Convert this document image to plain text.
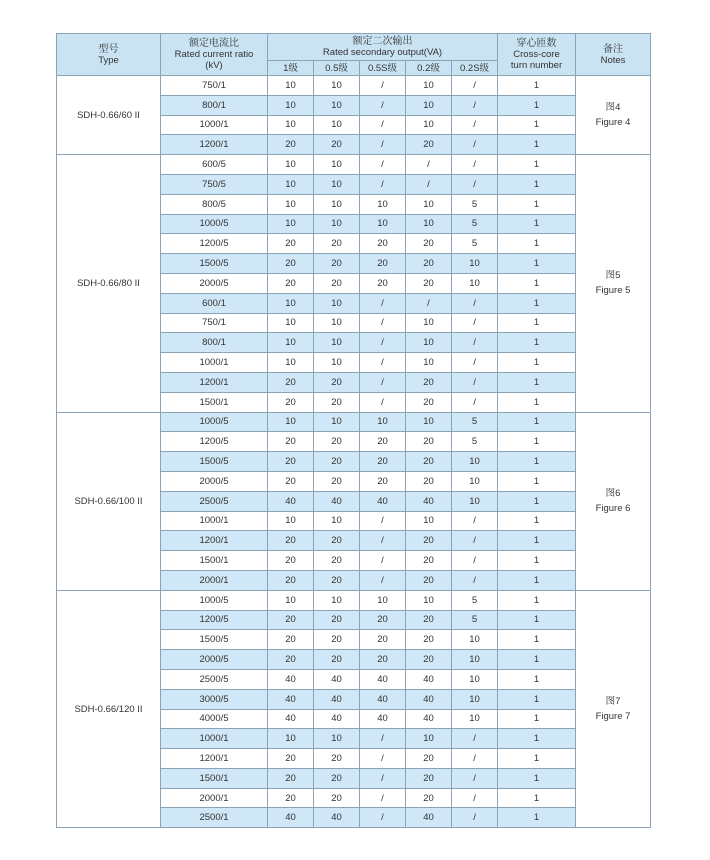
型号
Type	额定电流比
Rated current ratio
(kV)	额定二次输出
Rated secondary output(VA)					穿心匝数
Cross-core
turn number	备注
Notes
		1级	0.5级	0.5S级	0.2级	0.2S级		
SDH-0.66/60 II	750/1	10	10	/	10	/	1	图4
Figure 4

	800/1	10	10	/	10	/	1	
	1000/1	10	10	/	10	/	1	
	1200/1	20	20	/	20	/	1	
SDH-0.66/80 II	600/5	10	10	/	/	/	1	图5
Figure 5

	750/5	10	10	/	/	/	1	
	800/5	10	10	10	10	5	1	
	1000/5	10	10	10	10	5	1	
	1200/5	20	20	20	20	5	1	
	1500/5	20	20	20	20	10	1	
	2000/5	20	20	20	20	10	1	
	600/1	10	10	/	/	/	1	
	750/1	10	10	/	10	/	1	
	800/1	10	10	/	10	/	1	
	1000/1	10	10	/	10	/	1	
	1200/1	20	20	/	20	/	1	
	1500/1	20	20	/	20	/	1	
SDH-0.66/100 II	1000/5	10	10	10	10	5	1	图6
Figure 6

	1200/5	20	20	20	20	5	1	
	1500/5	20	20	20	20	10	1	
	2000/5	20	20	20	20	10	1	
	2500/5	40	40	40	40	10	1	
	1000/1	10	10	/	10	/	1	
	1200/1	20	20	/	20	/	1	
	1500/1	20	20	/	20	/	1	
	2000/1	20	20	/	20	/	1	
SDH-0.66/120 II	1000/5	10	10	10	10	5	1	图7
Figure 7

	1200/5	20	20	20	20	5	1	
	1500/5	20	20	20	20	10	1	
	2000/5	20	20	20	20	10	1	
	2500/5	40	40	40	40	10	1	
	3000/5	40	40	40	40	10	1	
	4000/5	40	40	40	40	10	1	
	1000/1	10	10	/	10	/	1	
	1200/1	20	20	/	20	/	1	
	1500/1	20	20	/	20	/	1	
	2000/1	20	20	/	20	/	1	
	2500/1	40	40	/	40	/	1	
